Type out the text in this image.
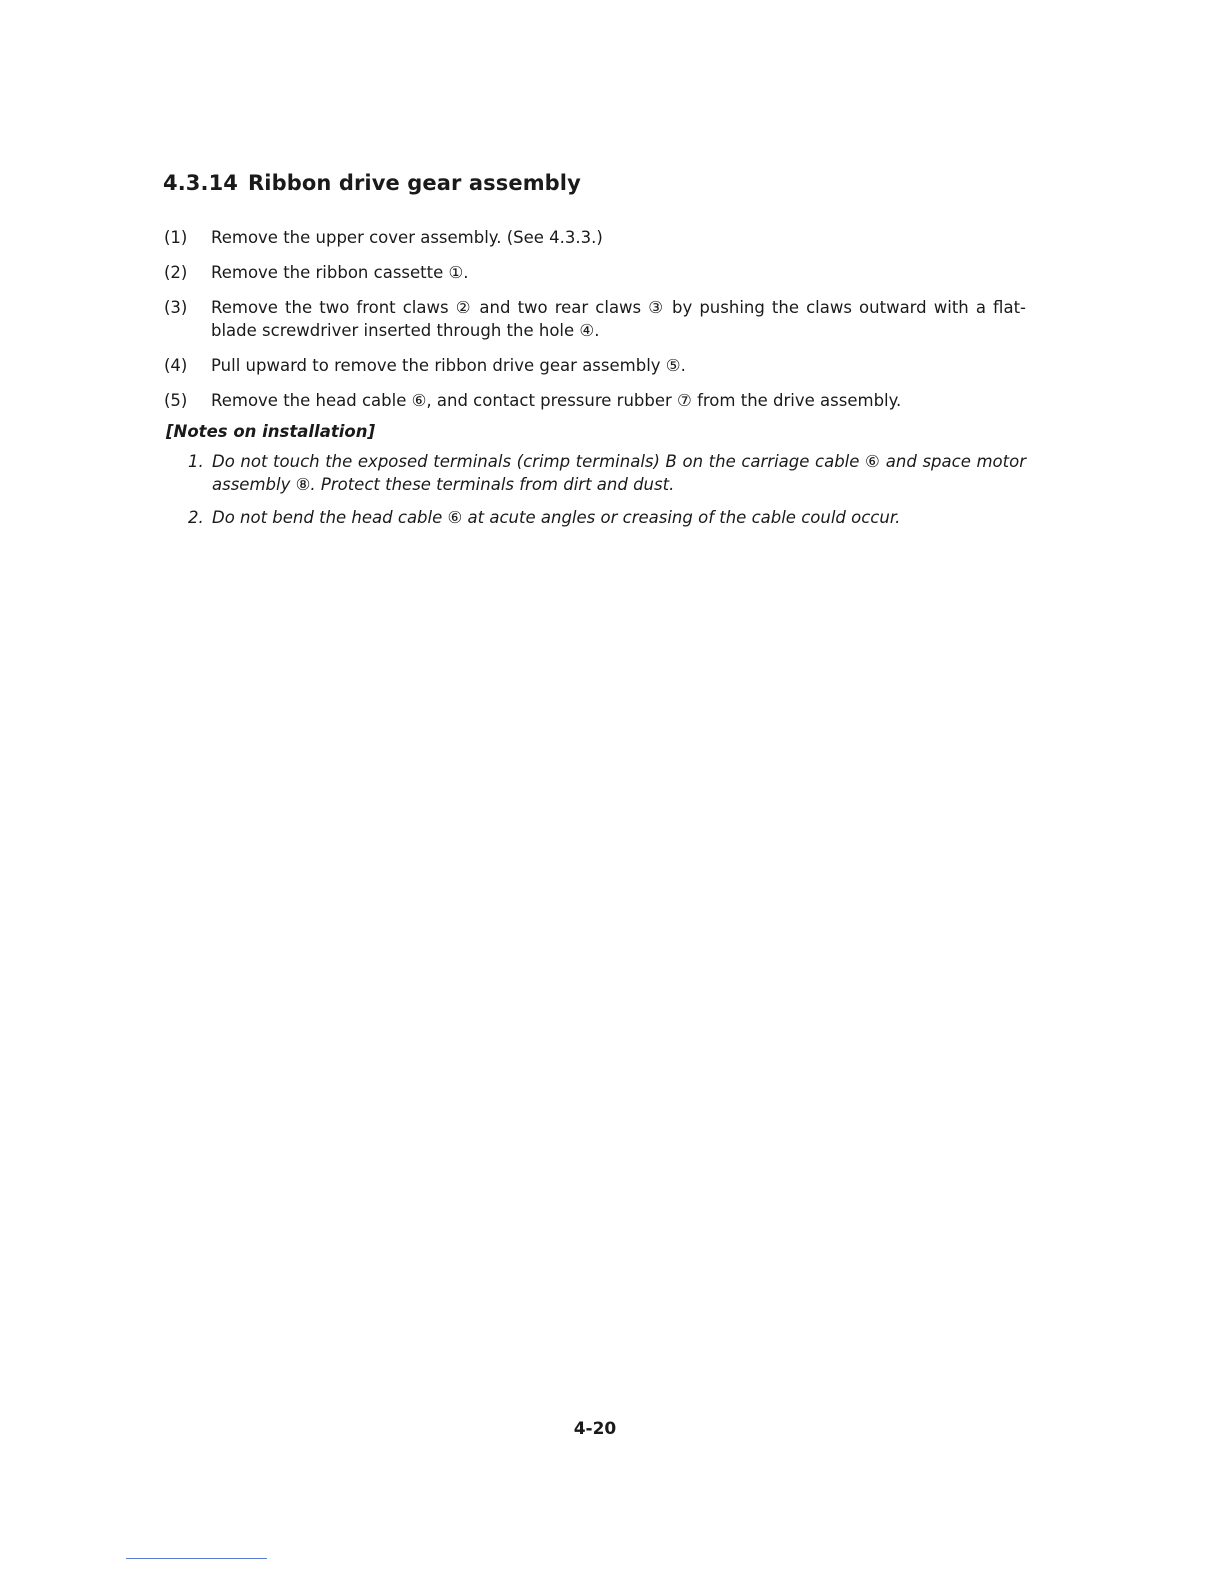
4.3.14 Ribbon drive gear assembly
(1) Remove the upper cover assembly. (See 4.3.3.)
(2) Remove the ribbon cassette ①.
(3) Remove the two front claws ② and two rear claws ③ by pushing the claws outward with a flat-blade screwdriver inserted through the hole ④.
(4) Pull upward to remove the ribbon drive gear assembly ⑤.
(5) Remove the head cable ⑥, and contact pressure rubber ⑦ from the drive assembly.
[Notes on installation]
1. Do not touch the exposed terminals (crimp terminals) B on the carriage cable ⑥ and space motor assembly ⑧. Protect these terminals from dirt and dust.
2. Do not bend the head cable ⑥ at acute angles or creasing of the cable could occur.
4-20
